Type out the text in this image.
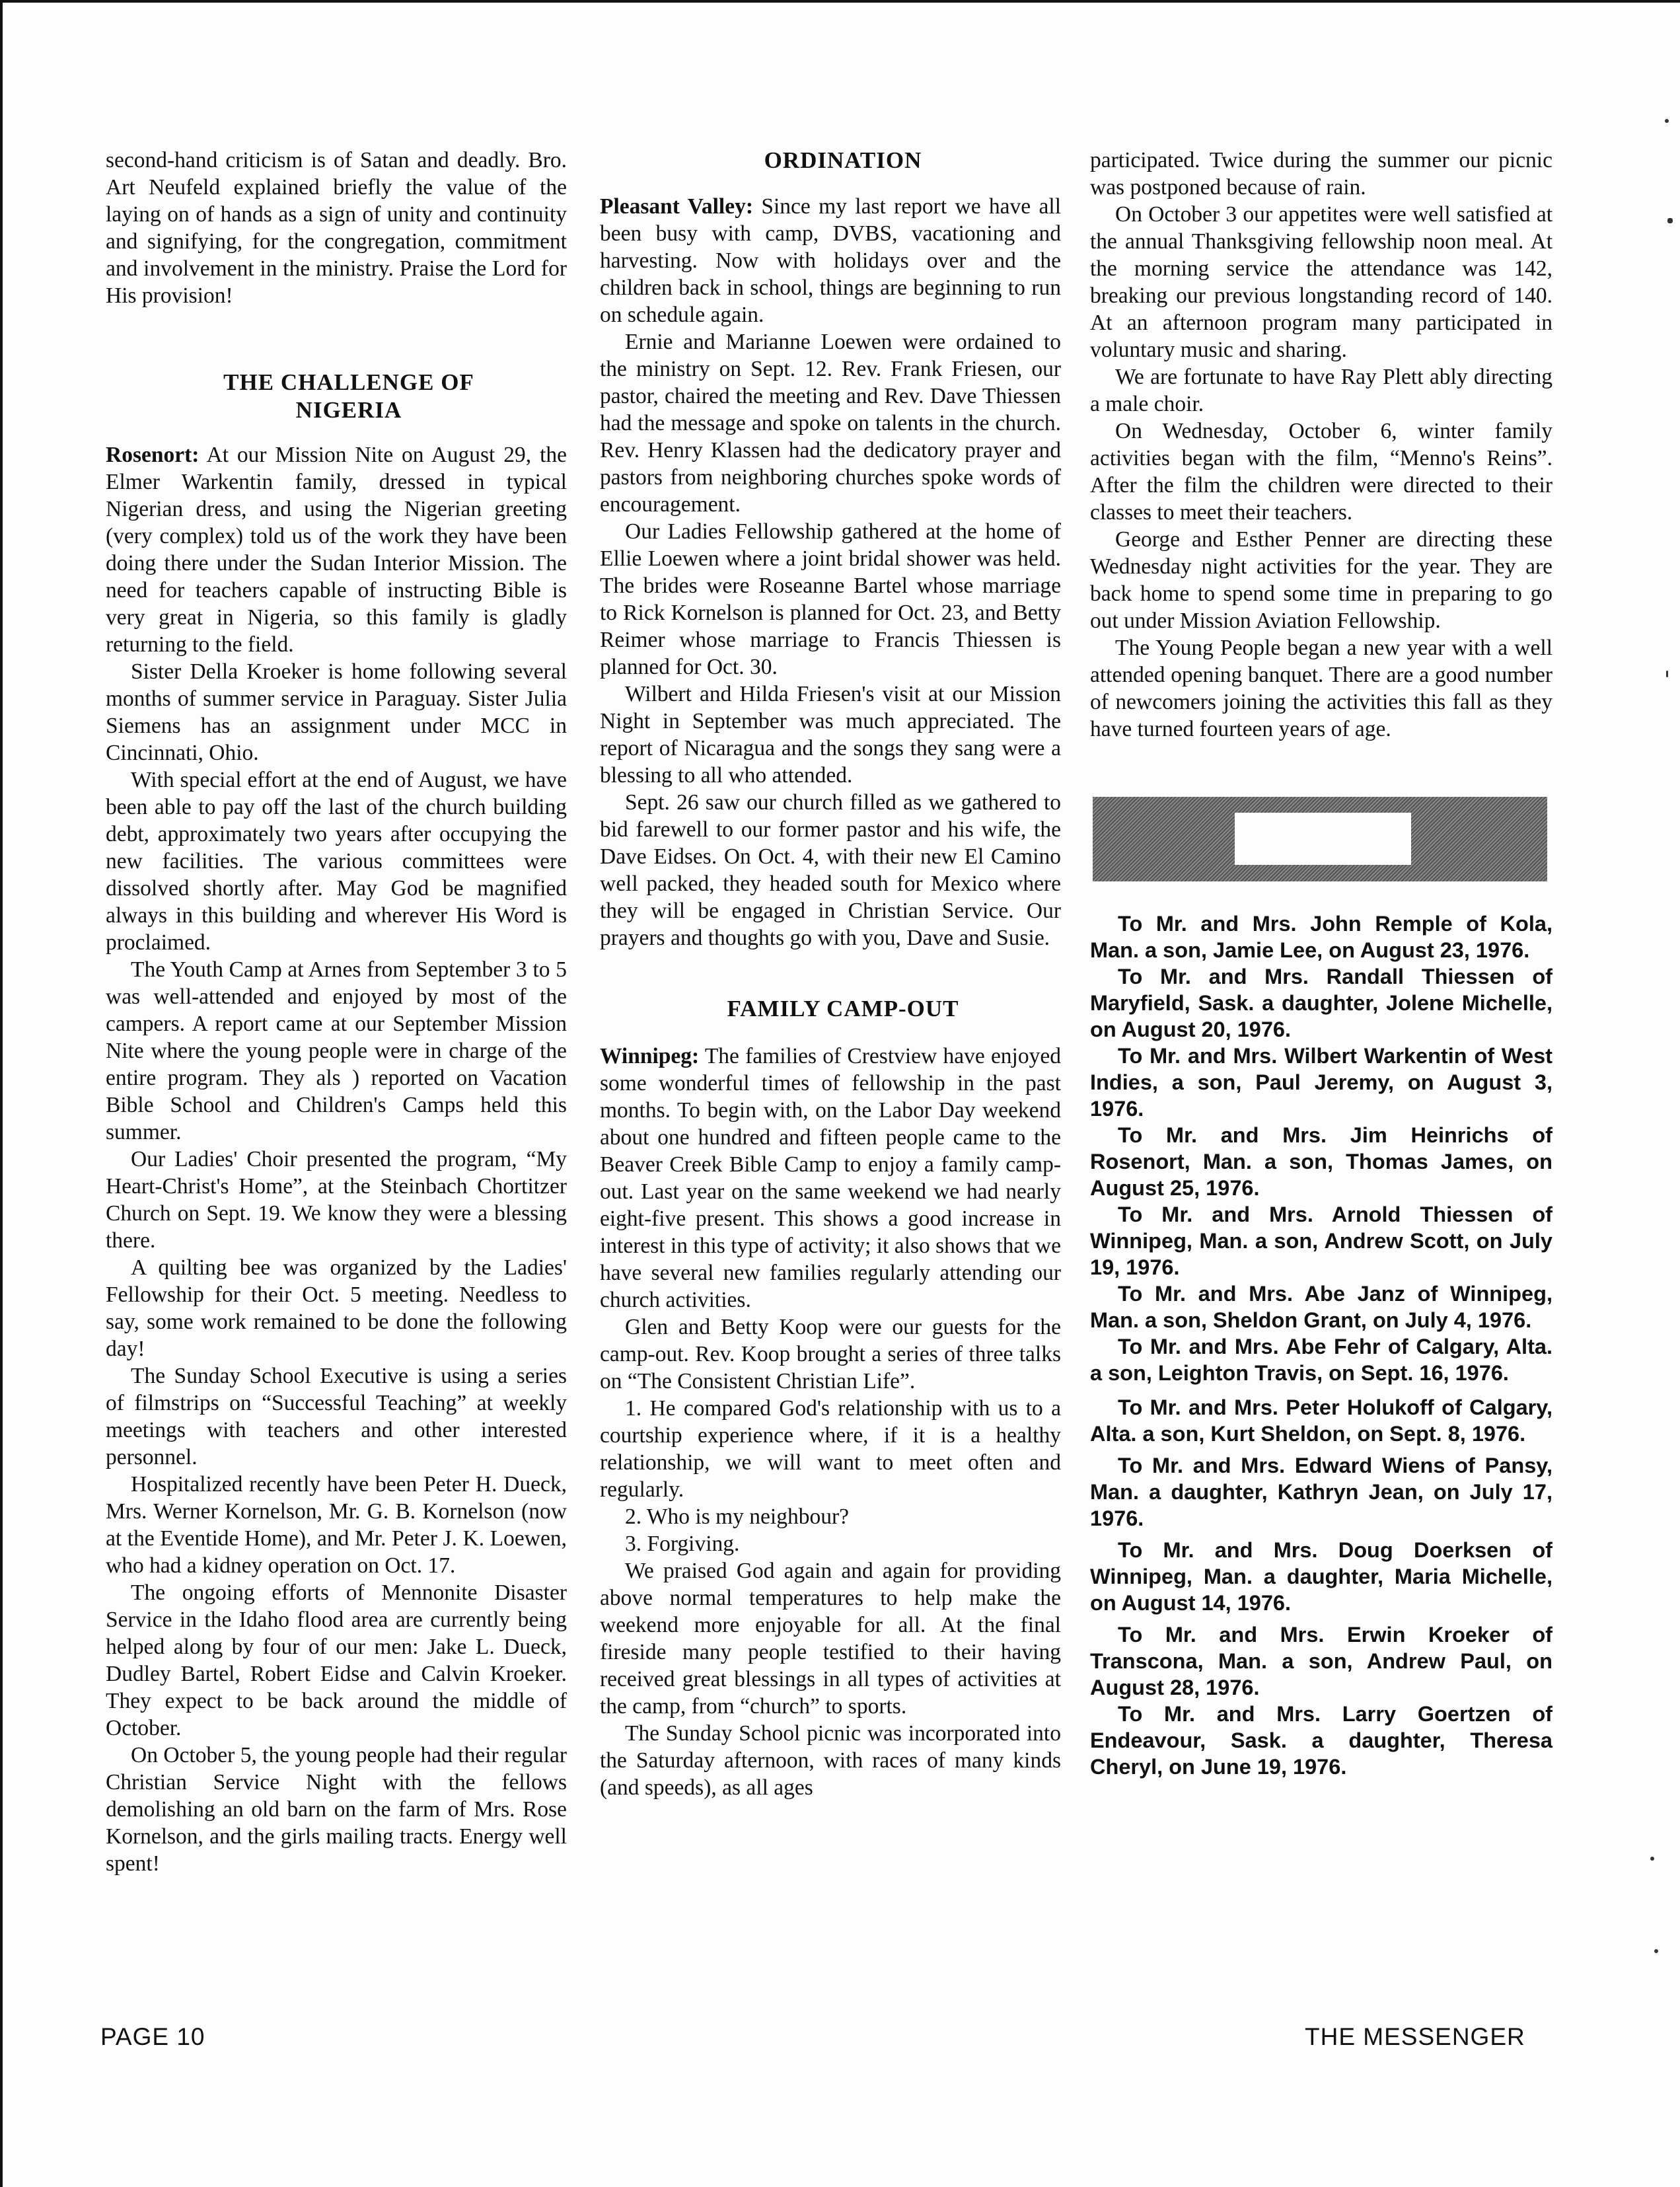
second-hand criticism is of Satan and deadly. Bro. Art Neufeld explained briefly the value of the laying on of hands as a sign of unity and continuity and signifying, for the congregation, commitment and involvement in the ministry. Praise the Lord for His provision!

THE CHALLENGE OF

NIGERIA

Rosenort: At our Mission Nite on August 29, the Elmer Warkentin family, dressed in typical Nigerian dress, and using the Nigerian greeting (very complex) told us of the work they have been doing there under the Sudan Interior Mission. The need for teachers capable of instructing Bible is very great in Nigeria, so this family is gladly returning to the field.

Sister Della Kroeker is home following several months of summer service in Paraguay. Sister Julia Siemens has an assignment under MCC in Cincinnati, Ohio.

With special effort at the end of August, we have been able to pay off the last of the church building debt, approximately two years after occupying the new facilities. The various committees were dissolved shortly after. May God be magnified always in this building and wherever His Word is proclaimed.

The Youth Camp at Arnes from September 3 to 5 was well-attended and enjoyed by most of the campers. A report came at our September Mission Nite where the young people were in charge of the entire program. They als ) reported on Vacation Bible School and Children's Camps held this summer.

Our Ladies' Choir presented the program, “My Heart-Christ's Home”, at the Steinbach Chortitzer Church on Sept. 19. We know they were a blessing there.

A quilting bee was organized by the Ladies' Fellowship for their Oct. 5 meeting. Needless to say, some work remained to be done the following day!

The Sunday School Executive is using a series of filmstrips on “Successful Teaching” at weekly meetings with teachers and other interested personnel.

Hospitalized recently have been Peter H. Dueck, Mrs. Werner Kornelson, Mr. G. B. Kornelson (now at the Eventide Home), and Mr. Peter J. K. Loewen, who had a kidney operation on Oct. 17.

The ongoing efforts of Mennonite Disaster Service in the Idaho flood area are currently being helped along by four of our men: Jake L. Dueck, Dudley Bartel, Robert Eidse and Calvin Kroeker. They expect to be back around the middle of October.

On October 5, the young people had their regular Christian Service Night with the fellows demolishing an old barn on the farm of Mrs. Rose Kornelson, and the girls mailing tracts. Energy well spent!

ORDINATION

Pleasant Valley: Since my last report we have all been busy with camp, DVBS, vacationing and harvesting. Now with holidays over and the children back in school, things are beginning to run on schedule again.

Ernie and Marianne Loewen were ordained to the ministry on Sept. 12. Rev. Frank Friesen, our pastor, chaired the meeting and Rev. Dave Thiessen had the message and spoke on talents in the church. Rev. Henry Klassen had the dedicatory prayer and pastors from neighboring churches spoke words of encouragement.

Our Ladies Fellowship gathered at the home of Ellie Loewen where a joint bridal shower was held. The brides were Roseanne Bartel whose marriage to Rick Kornelson is planned for Oct. 23, and Betty Reimer whose marriage to Francis Thiessen is planned for Oct. 30.

Wilbert and Hilda Friesen's visit at our Mission Night in September was much appreciated. The report of Nicaragua and the songs they sang were a blessing to all who attended.

Sept. 26 saw our church filled as we gathered to bid farewell to our former pastor and his wife, the Dave Eidses. On Oct. 4, with their new El Camino well packed, they headed south for Mexico where they will be engaged in Christian Service. Our prayers and thoughts go with you, Dave and Susie.

FAMILY CAMP-OUT

Winnipeg: The families of Crestview have enjoyed some wonderful times of fellowship in the past months. To begin with, on the Labor Day weekend about one hundred and fifteen people came to the Beaver Creek Bible Camp to enjoy a family camp-out. Last year on the same weekend we had nearly eight-five present. This shows a good increase in interest in this type of activity; it also shows that we have several new families regularly attending our church activities.

Glen and Betty Koop were our guests for the camp-out. Rev. Koop brought a series of three talks on “The Consistent Christian Life”.

1. He compared God's relationship with us to a courtship experience where, if it is a healthy relationship, we will want to meet often and regularly.

2. Who is my neighbour?

3. Forgiving.

We praised God again and again for providing above normal temperatures to help make the weekend more enjoyable for all. At the final fireside many people testified to their having received great blessings in all types of activities at the camp, from “church” to sports.

The Sunday School picnic was incorporated into the Saturday afternoon, with races of many kinds (and speeds), as all ages

participated. Twice during the summer our picnic was postponed because of rain.

On October 3 our appetites were well satisfied at the annual Thanksgiving fellowship noon meal. At the morning service the attendance was 142, breaking our previous longstanding record of 140. At an afternoon program many participated in voluntary music and sharing.

We are fortunate to have Ray Plett ably directing a male choir.

On Wednesday, October 6, winter family activities began with the film, “Menno's Reins”. After the film the children were directed to their classes to meet their teachers.

George and Esther Penner are directing these Wednesday night activities for the year. They are back home to spend some time in preparing to go out under Mission Aviation Fellowship.

The Young People began a new year with a well attended opening banquet. There are a good number of newcomers joining the activities this fall as they have turned fourteen years of age.

To Mr. and Mrs. John Remple of Kola, Man. a son, Jamie Lee, on August 23, 1976.

To Mr. and Mrs. Randall Thiessen of Maryfield, Sask. a daughter, Jolene Michelle, on August 20, 1976.

To Mr. and Mrs. Wilbert Warkentin of West Indies, a son, Paul Jeremy, on August 3, 1976.

To Mr. and Mrs. Jim Heinrichs of Rosenort, Man. a son, Thomas James, on August 25, 1976.

To Mr. and Mrs. Arnold Thiessen of Winnipeg, Man. a son, Andrew Scott, on July 19, 1976.

To Mr. and Mrs. Abe Janz of Winnipeg, Man. a son, Sheldon Grant, on July 4, 1976.

To Mr. and Mrs. Abe Fehr of Calgary, Alta. a son, Leighton Travis, on Sept. 16, 1976.

To Mr. and Mrs. Peter Holukoff of Calgary, Alta. a son, Kurt Sheldon, on Sept. 8, 1976.

To Mr. and Mrs. Edward Wiens of Pansy, Man. a daughter, Kathryn Jean, on July 17, 1976.

To Mr. and Mrs. Doug Doerksen of Winnipeg, Man. a daughter, Maria Michelle, on August 14, 1976.

To Mr. and Mrs. Erwin Kroeker of Transcona, Man. a son, Andrew Paul, on August 28, 1976.

To Mr. and Mrs. Larry Goertzen of Endeavour, Sask. a daughter, Theresa Cheryl, on June 19, 1976.

PAGE 10	THE MESSENGER
